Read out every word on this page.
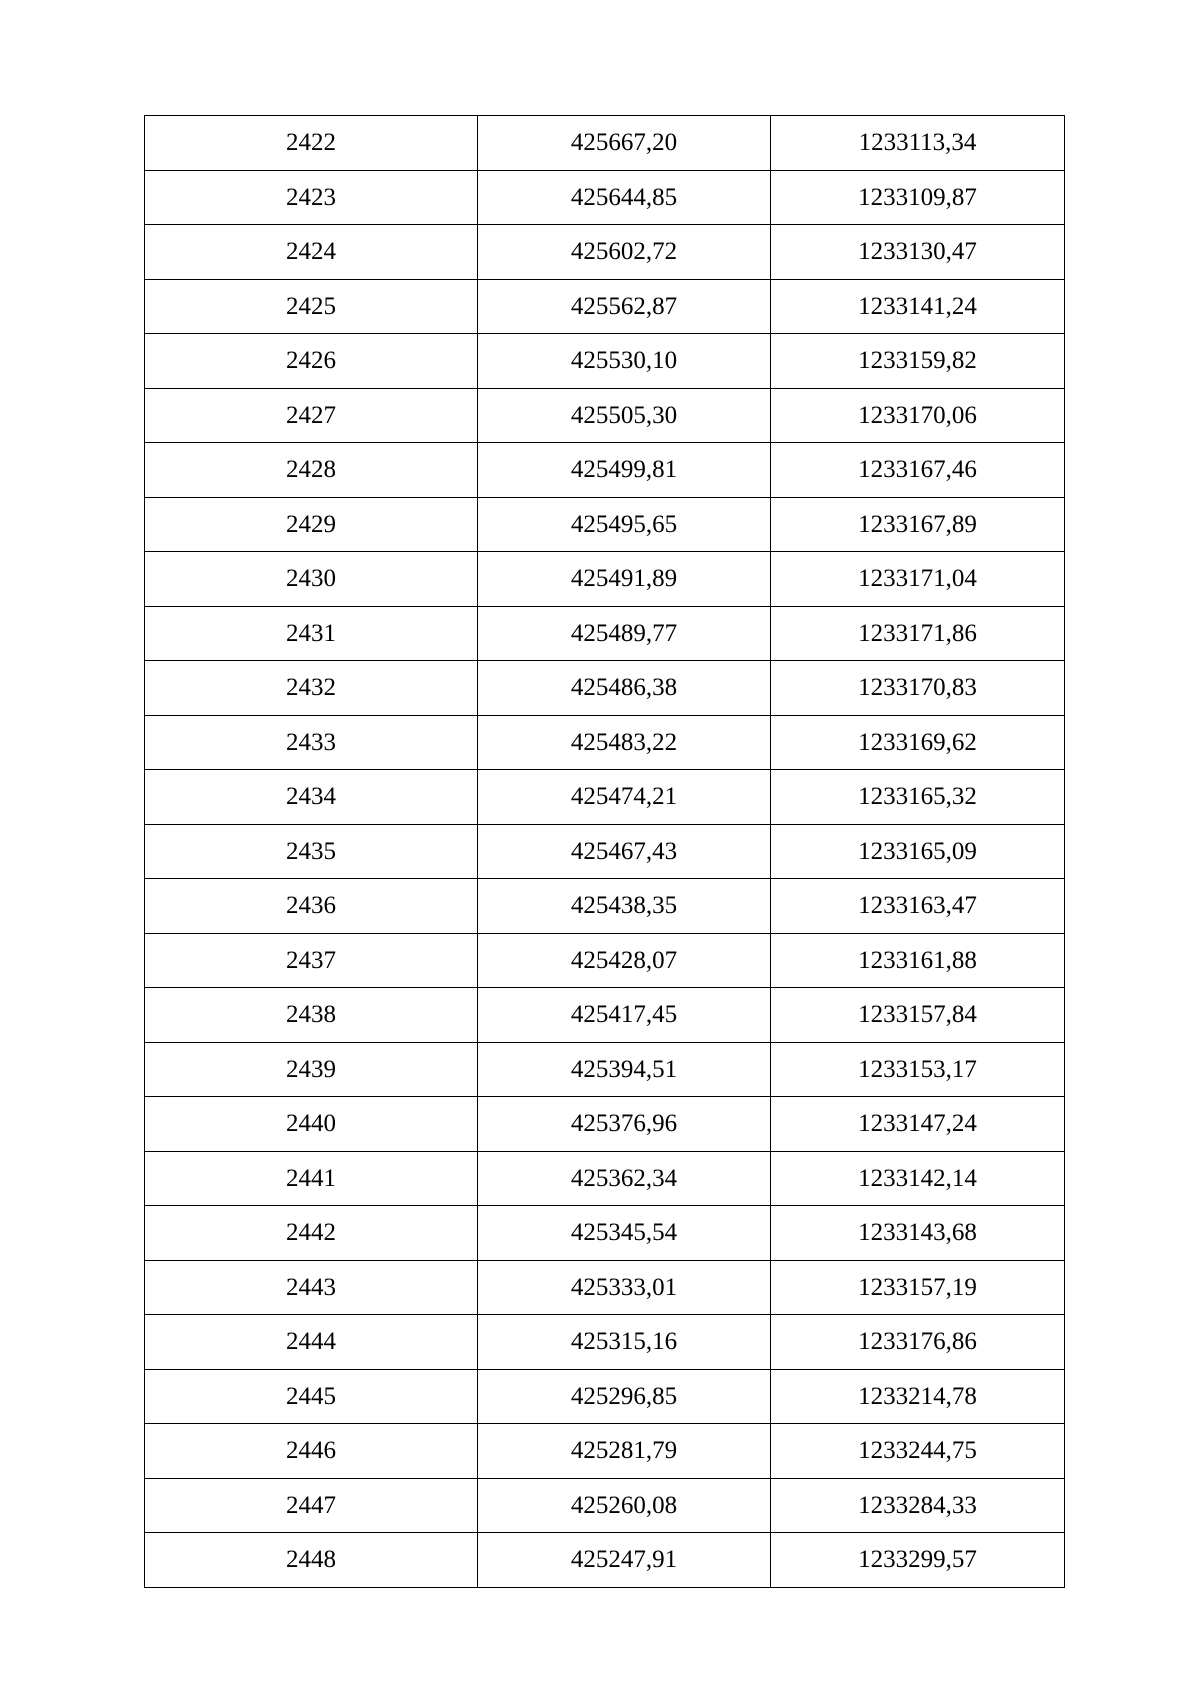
2422	425667,20	1233113,34
2423	425644,85	1233109,87
2424	425602,72	1233130,47
2425	425562,87	1233141,24
2426	425530,10	1233159,82
2427	425505,30	1233170,06
2428	425499,81	1233167,46
2429	425495,65	1233167,89
2430	425491,89	1233171,04
2431	425489,77	1233171,86
2432	425486,38	1233170,83
2433	425483,22	1233169,62
2434	425474,21	1233165,32
2435	425467,43	1233165,09
2436	425438,35	1233163,47
2437	425428,07	1233161,88
2438	425417,45	1233157,84
2439	425394,51	1233153,17
2440	425376,96	1233147,24
2441	425362,34	1233142,14
2442	425345,54	1233143,68
2443	425333,01	1233157,19
2444	425315,16	1233176,86
2445	425296,85	1233214,78
2446	425281,79	1233244,75
2447	425260,08	1233284,33
2448	425247,91	1233299,57
